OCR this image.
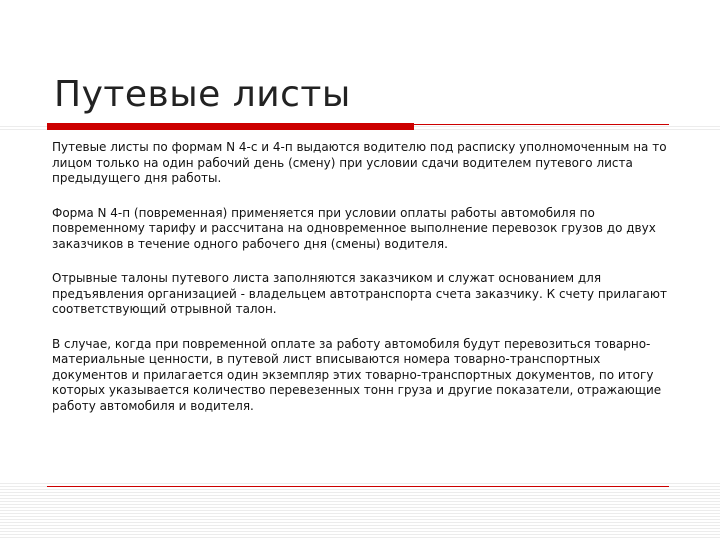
Путевые листы

Путевые листы по формам N 4-с и 4-п выдаются водителю под расписку уполномоченным на то лицом только на один рабочий день (смену) при условии сдачи водителем путевого листа предыдущего дня работы.

Форма N 4-п (повременная) применяется при условии оплаты работы автомобиля по повременному тарифу и рассчитана на одновременное выполнение перевозок грузов до двух заказчиков в течение одного рабочего дня (смены) водителя.

Отрывные талоны путевого листа заполняются заказчиком и служат основанием для предъявления организацией - владельцем автотранспорта счета заказчику. К счету прилагают соответствующий отрывной талон.

В случае, когда при повременной оплате за работу автомобиля будут перевозиться товарно-материальные ценности, в путевой лист вписываются номера товарно-транспортных документов и прилагается один экземпляр этих товарно-транспортных документов, по итогу которых указывается количество перевезенных тонн груза и другие показатели, отражающие работу автомобиля и водителя.
